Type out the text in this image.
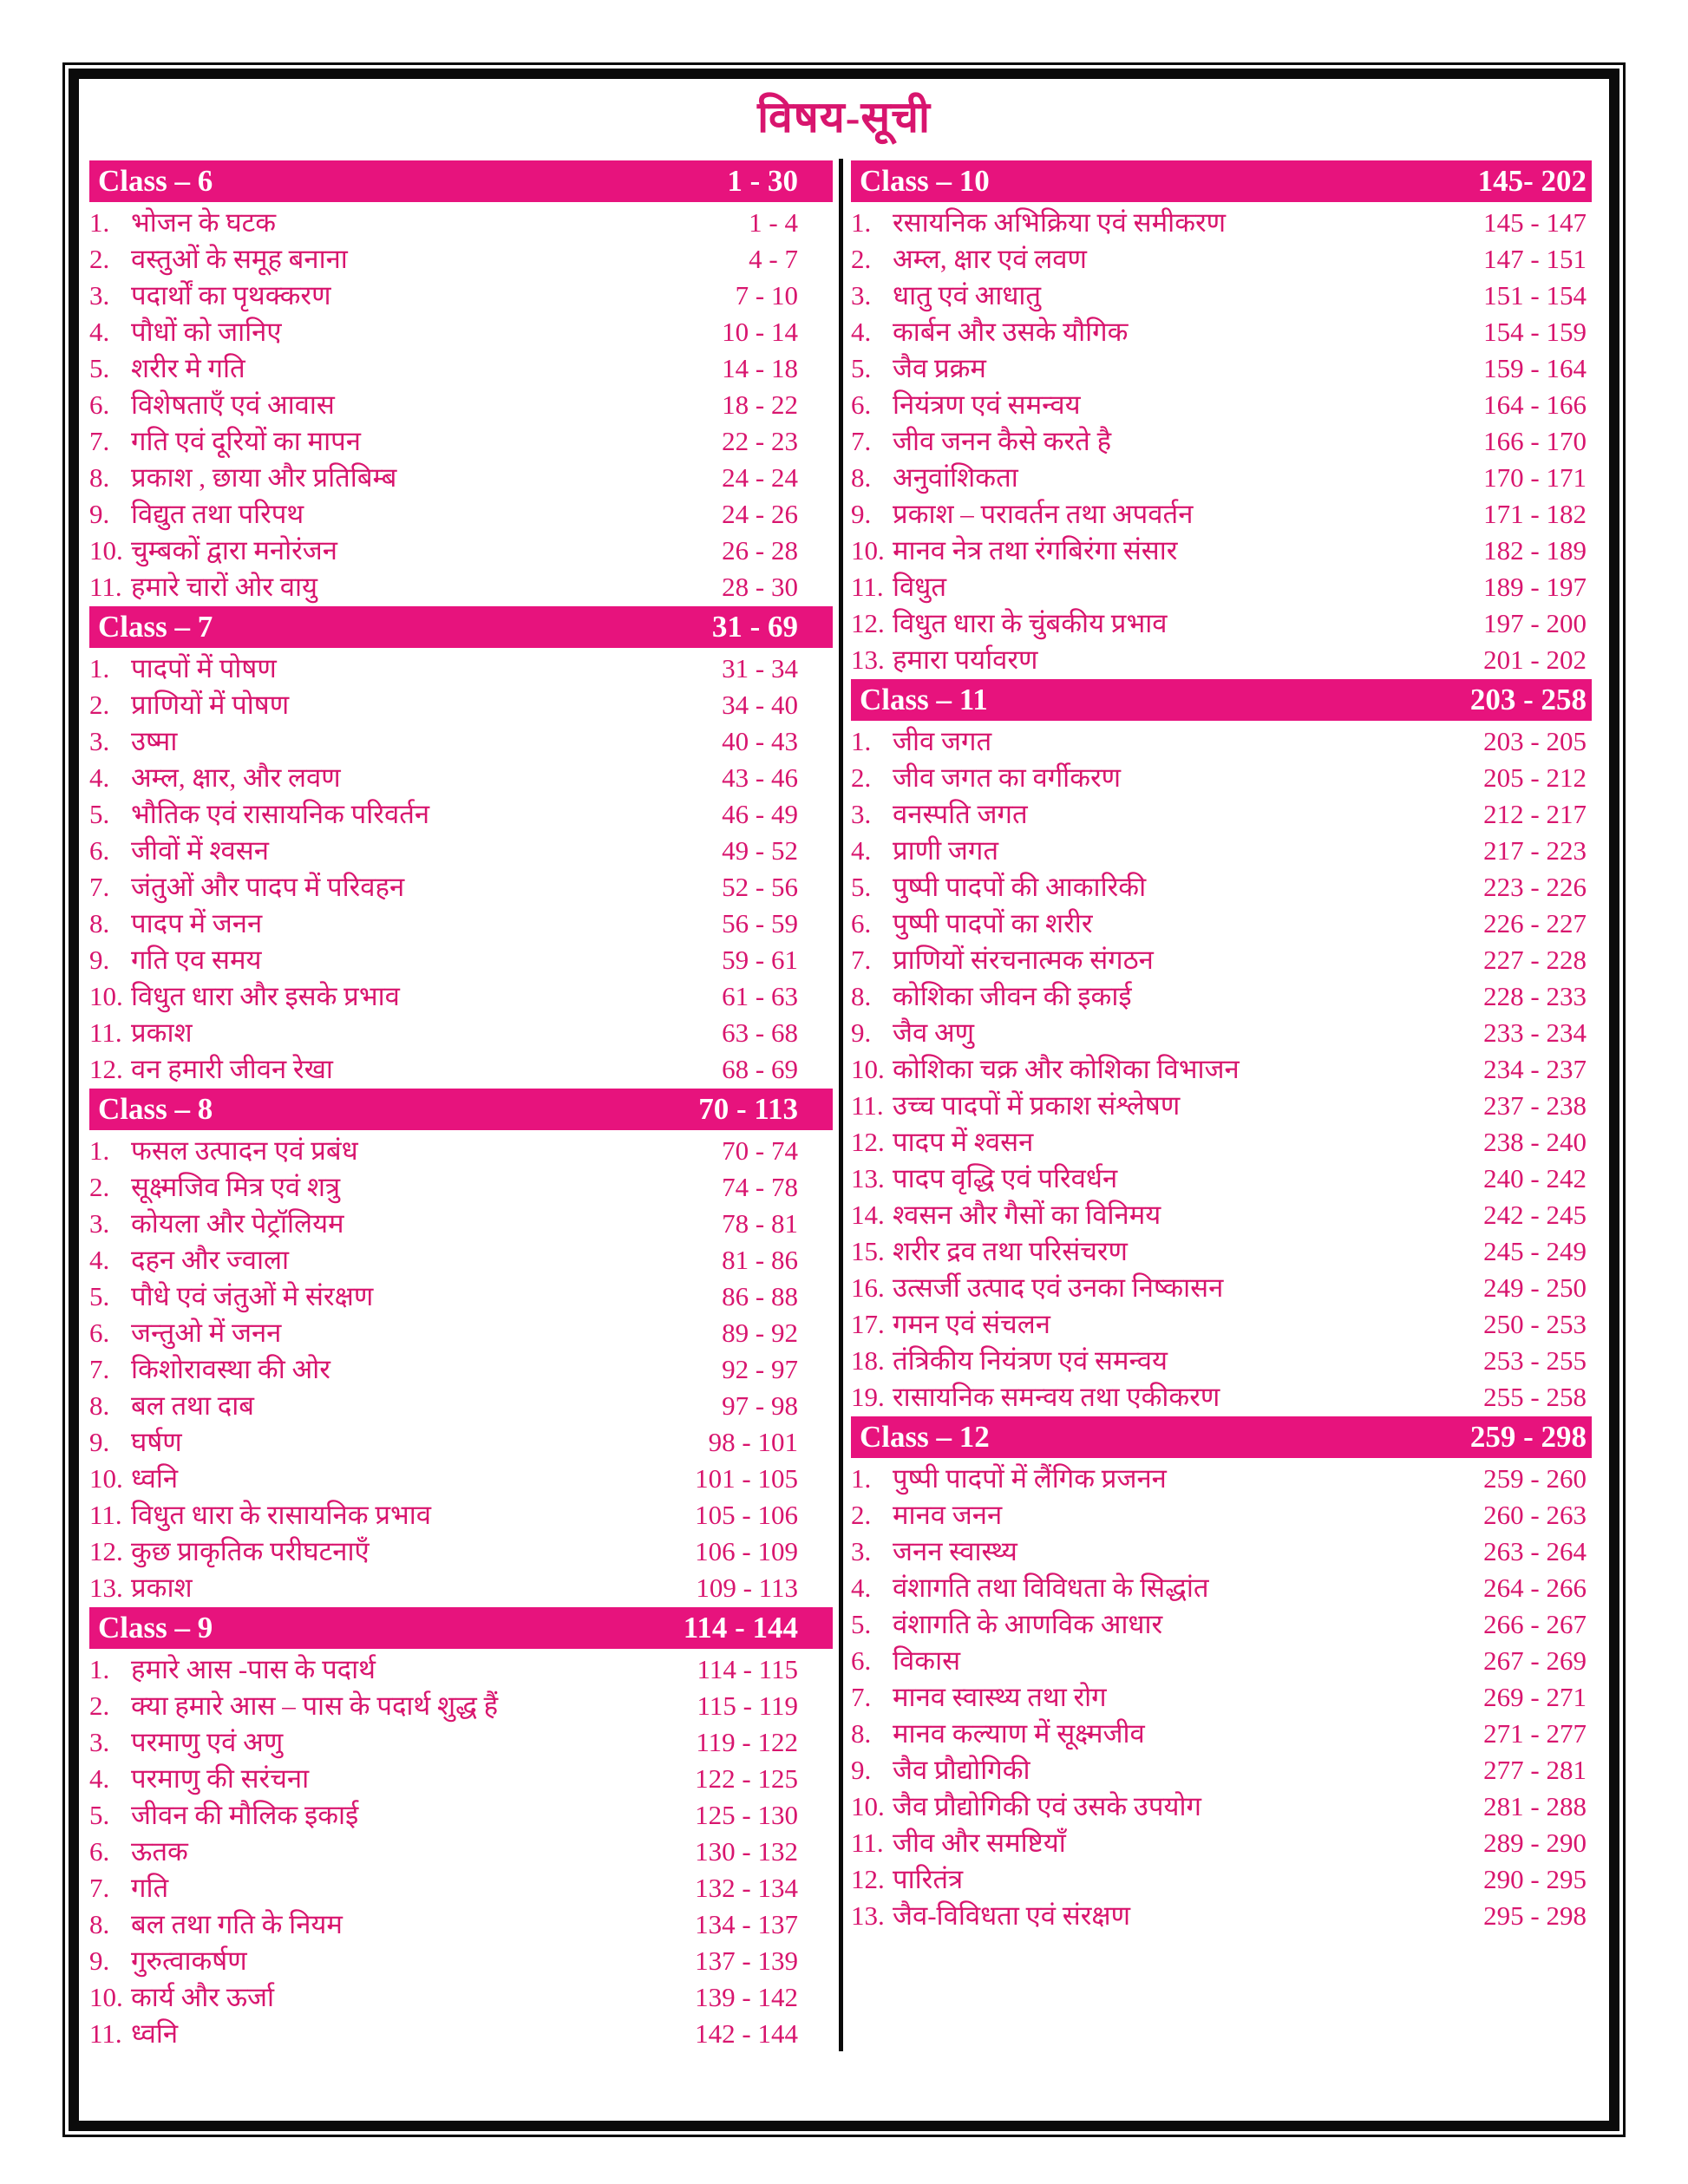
विषय-सूची
Class – 6	1 - 30
1. भोजन के घटक	1 - 4
2. वस्तुओं के समूह बनाना	4 - 7
3. पदार्थों का पृथक्करण	7 - 10
4. पौधों को जानिए	10 - 14
5. शरीर मे गति	14 - 18
6. विशेषताएँ एवं आवास	18 - 22
7. गति एवं दूरियों का मापन	22 - 23
8. प्रकाश , छाया और प्रतिबिम्ब	24 - 24
9. विद्युत तथा परिपथ	24 - 26
10. चुम्बकों द्वारा मनोरंजन	26 - 28
11. हमारे चारों ओर वायु	28 - 30
Class – 7	31 - 69
1. पादपों में पोषण	31 - 34
2. प्राणियों में पोषण	34 - 40
3. उष्मा	40 - 43
4. अम्ल, क्षार, और लवण	43 - 46
5. भौतिक एवं रासायनिक परिवर्तन	46 - 49
6. जीवों में श्वसन	49 - 52
7. जंतुओं और पादप में परिवहन	52 - 56
8. पादप में जनन	56 - 59
9. गति एव समय	59 - 61
10. विधुत धारा और इसके प्रभाव	61 - 63
11. प्रकाश	63 - 68
12. वन हमारी जीवन रेखा	68 - 69
Class – 8	70 - 113
1. फसल उत्पादन एवं प्रबंध	70 - 74
2. सूक्ष्मजिव मित्र एवं शत्रु	74 - 78
3. कोयला और पेट्रॉलियम	78 - 81
4. दहन और ज्वाला	81 - 86
5. पौधे एवं जंतुओं मे संरक्षण	86 - 88
6. जन्तुओ में जनन	89 - 92
7. किशोरावस्था की ओर	92 - 97
8. बल तथा दाब	97 - 98
9. घर्षण	98 - 101
10. ध्वनि	101 - 105
11. विधुत धारा के रासायनिक प्रभाव	105 - 106
12. कुछ प्राकृतिक परीघटनाएँ	106 - 109
13. प्रकाश	109 - 113
Class – 9	114 - 144
1. हमारे आस -पास के पदार्थ	114 - 115
2. क्या हमारे आस – पास के पदार्थ शुद्ध हैं	115 - 119
3. परमाणु एवं अणु	119 - 122
4. परमाणु की सरंचना	122 - 125
5. जीवन की मौलिक इकाई	125 - 130
6. ऊतक	130 - 132
7. गति	132 - 134
8. बल तथा गति के नियम	134 - 137
9. गुरुत्वाकर्षण	137 - 139
10. कार्य और ऊर्जा	139 - 142
11. ध्वनि	142 - 144
Class – 10	145- 202
1. रसायनिक अभिक्रिया एवं समीकरण	145 - 147
2. अम्ल, क्षार एवं लवण	147 - 151
3. धातु एवं आधातु	151 - 154
4. कार्बन और उसके यौगिक	154 - 159
5. जैव प्रक्रम	159 - 164
6. नियंत्रण एवं समन्वय	164 - 166
7. जीव जनन कैसे करते है	166 - 170
8. अनुवांशिकता	170 - 171
9. प्रकाश – परावर्तन तथा अपवर्तन	171 - 182
10. मानव नेत्र तथा रंगबिरंगा संसार	182 - 189
11. विधुत	189 - 197
12. विधुत धारा के चुंबकीय प्रभाव	197 - 200
13. हमारा पर्यावरण	201 - 202
Class – 11	203 - 258
1. जीव जगत	203 - 205
2. जीव जगत का वर्गीकरण	205 - 212
3. वनस्पति जगत	212 - 217
4. प्राणी जगत	217 - 223
5. पुष्पी पादपों की आकारिकी	223 - 226
6. पुष्पी पादपों का शरीर	226 - 227
7. प्राणियों संरचनात्मक संगठन	227 - 228
8. कोशिका जीवन की इकाई	228 - 233
9. जैव अणु	233 - 234
10. कोशिका चक्र और कोशिका विभाजन	234 - 237
11. उच्च पादपों में प्रकाश संश्लेषण	237 - 238
12. पादप में श्वसन	238 - 240
13. पादप वृद्धि एवं परिवर्धन	240 - 242
14. श्वसन और गैसों का विनिमय	242 - 245
15. शरीर द्रव तथा परिसंचरण	245 - 249
16. उत्सर्जी उत्पाद एवं उनका निष्कासन	249 - 250
17. गमन एवं संचलन	250 - 253
18. तंत्रिकीय नियंत्रण एवं समन्वय	253 - 255
19. रासायनिक समन्वय तथा एकीकरण	255 - 258
Class – 12	259 - 298
1. पुष्पी पादपों में लैंगिक प्रजनन	259 - 260
2. मानव जनन	260 - 263
3. जनन स्वास्थ्य	263 - 264
4. वंशागति तथा विविधता के सिद्धांत	264 - 266
5. वंशागति के आणविक आधार	266 - 267
6. विकास	267 - 269
7. मानव स्वास्थ्य तथा रोग	269 - 271
8. मानव कल्याण में सूक्ष्मजीव	271 - 277
9. जैव प्रौद्योगिकी	277 - 281
10. जैव प्रौद्योगिकी एवं उसके उपयोग	281 - 288
11. जीव और समष्टियाँ	289 - 290
12. पारितंत्र	290 - 295
13. जैव-विविधता एवं संरक्षण	295 - 298
